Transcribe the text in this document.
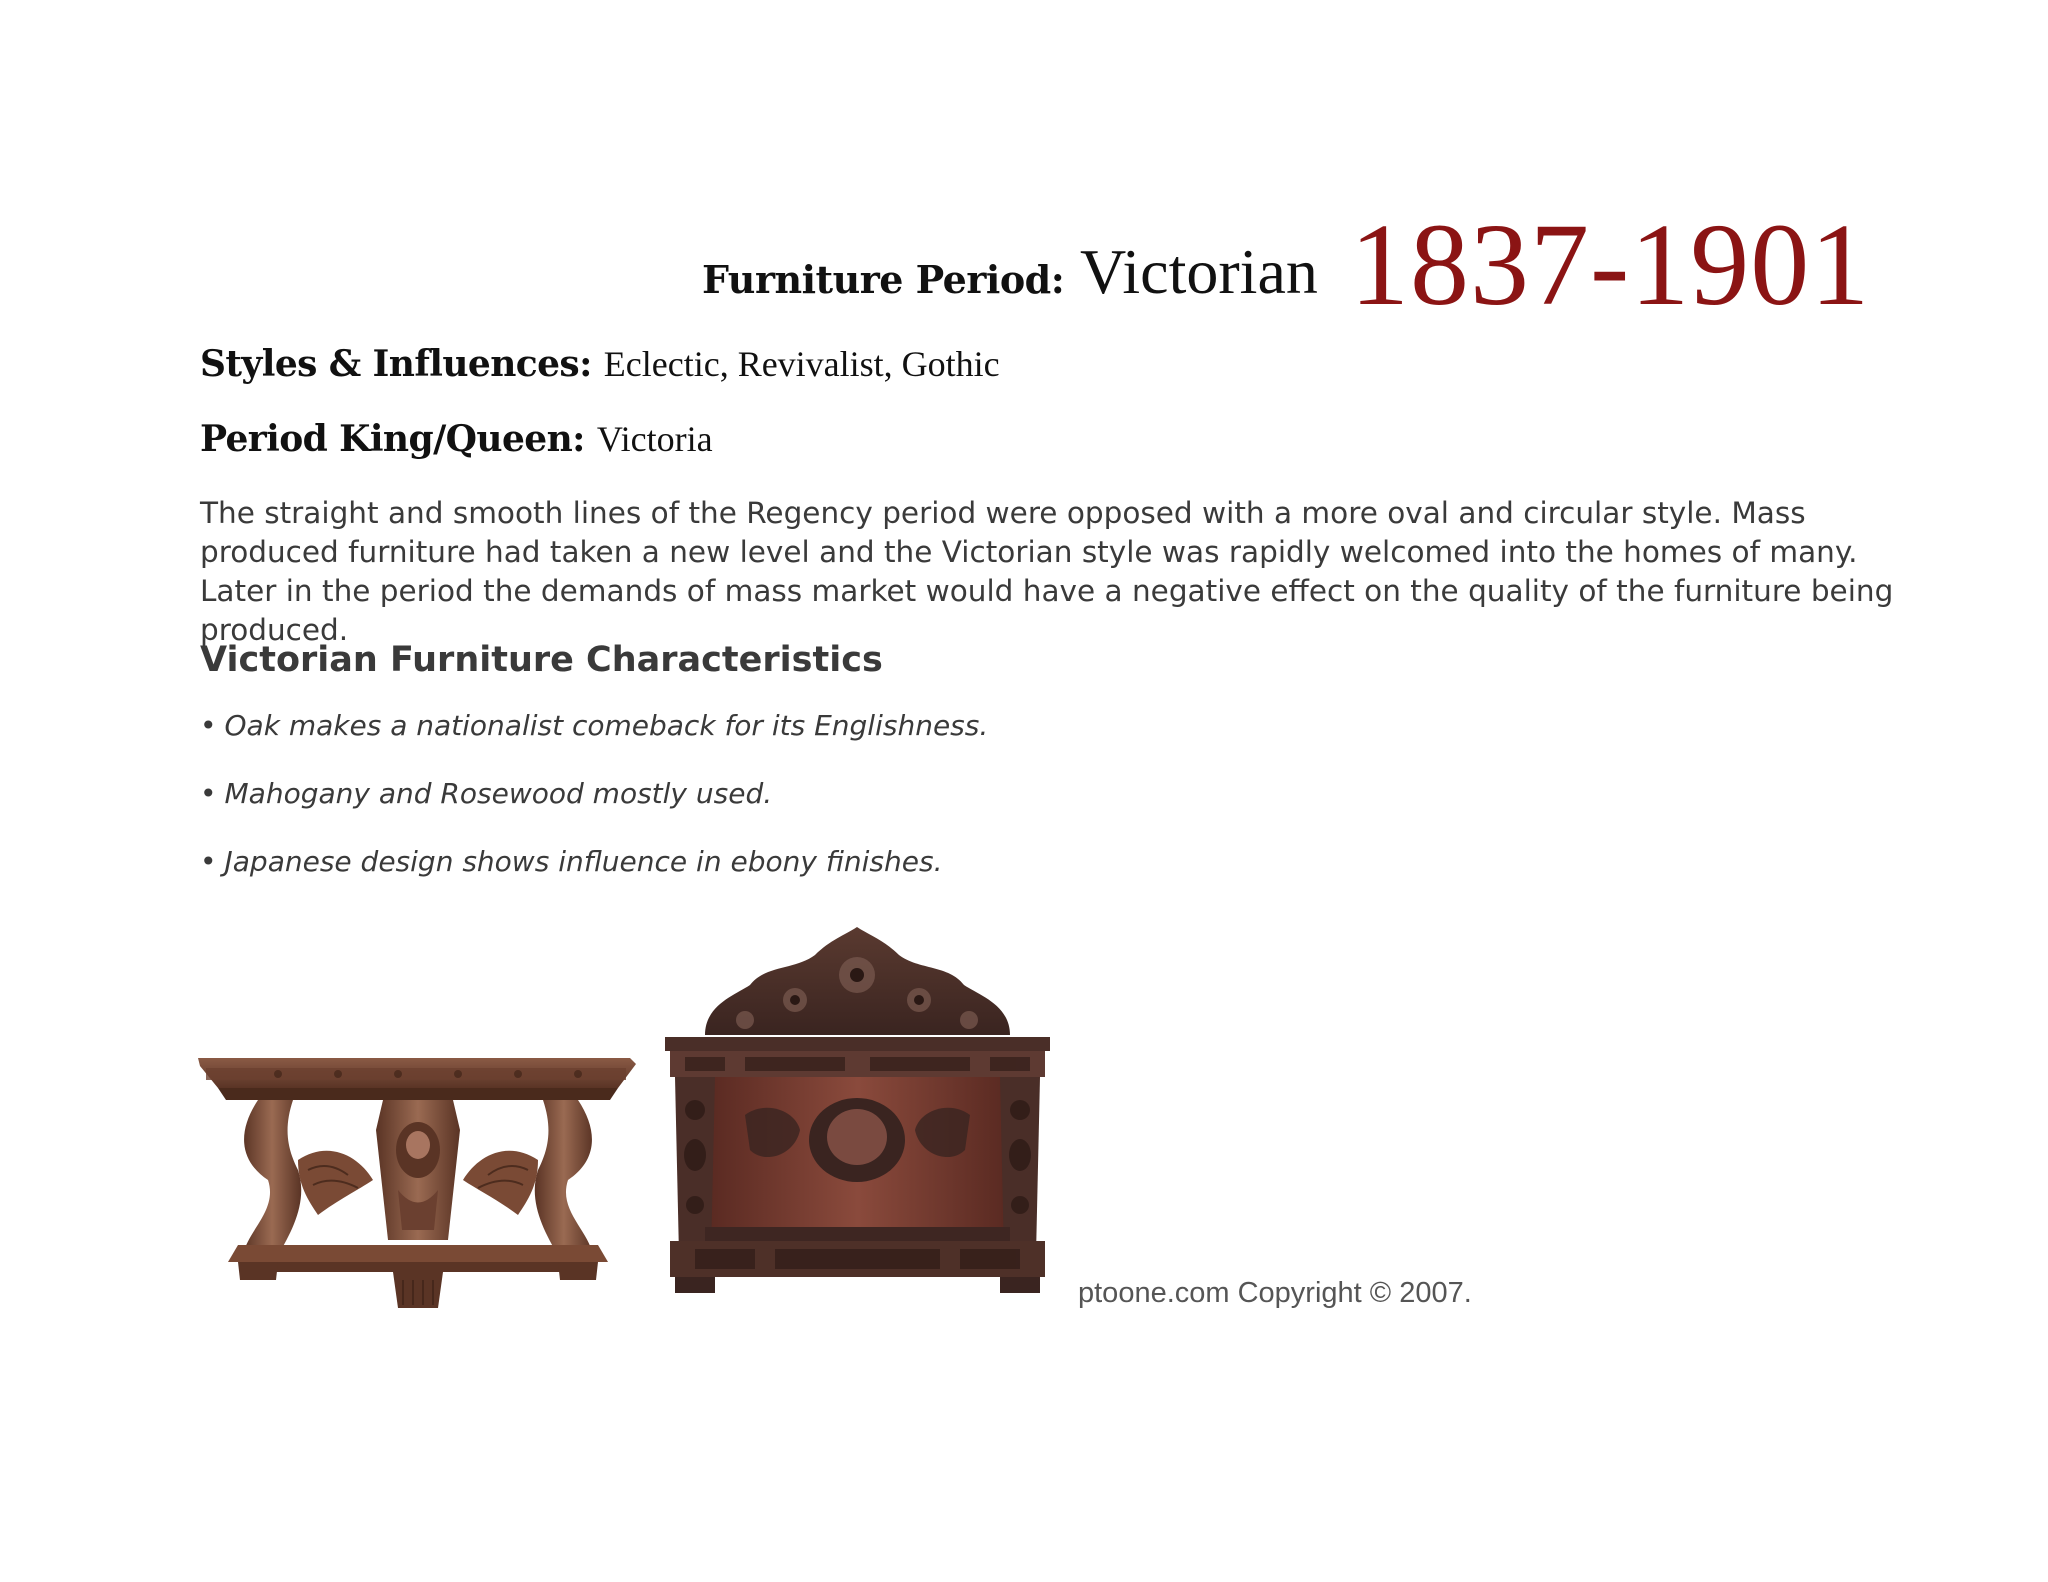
Furniture Period: Victorian 1837-1901
Styles & Influences: Eclectic, Revivalist, Gothic
Period King/Queen: Victoria

The straight and smooth lines of the Regency period were opposed with a more oval and circular style. Mass produced furniture had taken a new level and the Victorian style was rapidly welcomed into the homes of many. Later in the period the demands of mass market would have a negative effect on the quality of the furniture being produced.

Victorian Furniture Characteristics
• Oak makes a nationalist comeback for its Englishness.
• Mahogany and Rosewood mostly used.
• Japanese design shows influence in ebony finishes.
ptoone.com Copyright © 2007.
